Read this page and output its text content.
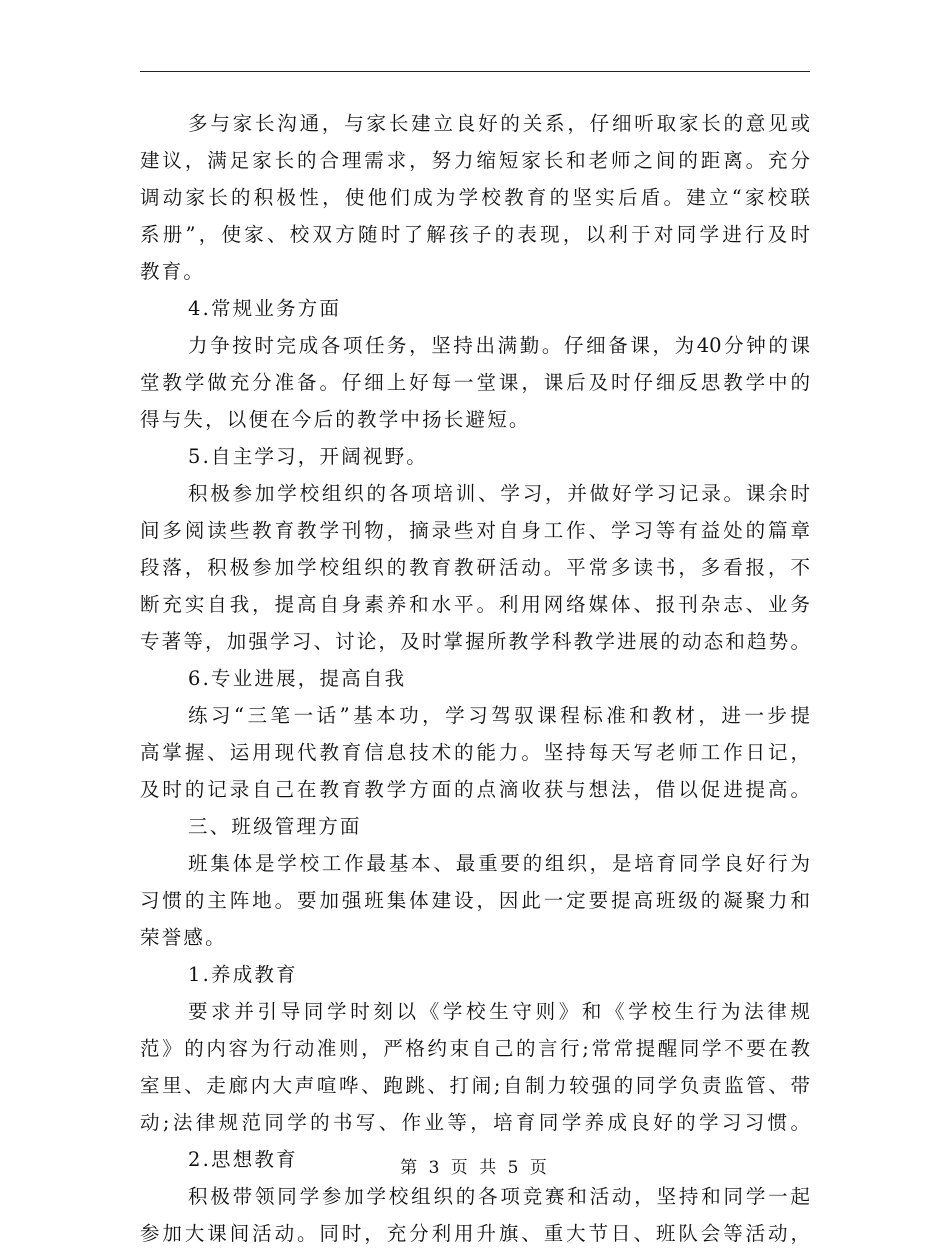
多与家长沟通，与家长建立良好的关系，仔细听取家长的意见或
建议，满足家长的合理需求，努力缩短家长和老师之间的距离。充分
调动家长的积极性，使他们成为学校教育的坚实后盾。建立“家校联
系册”，使家、校双方随时了解孩子的表现，以利于对同学进行及时
教育。
4.常规业务方面
力争按时完成各项任务，坚持出满勤。仔细备课，为40分钟的课
堂教学做充分准备。仔细上好每一堂课，课后及时仔细反思教学中的
得与失，以便在今后的教学中扬长避短。
5.自主学习，开阔视野。
积极参加学校组织的各项培训、学习，并做好学习记录。课余时
间多阅读些教育教学刊物，摘录些对自身工作、学习等有益处的篇章
段落，积极参加学校组织的教育教研活动。平常多读书，多看报，不
断充实自我，提高自身素养和水平。利用网络媒体、报刊杂志、业务
专著等，加强学习、讨论，及时掌握所教学科教学进展的动态和趋势。
6.专业进展，提高自我
练习“三笔一话”基本功，学习驾驭课程标准和教材，进一步提
高掌握、运用现代教育信息技术的能力。坚持每天写老师工作日记，
及时的记录自己在教育教学方面的点滴收获与想法，借以促进提高。
三、班级管理方面
班集体是学校工作最基本、最重要的组织，是培育同学良好行为
习惯的主阵地。要加强班集体建设，因此一定要提高班级的凝聚力和
荣誉感。
1.养成教育
要求并引导同学时刻以《学校生守则》和《学校生行为法律规
范》的内容为行动准则，严格约束自己的言行;常常提醒同学不要在教
室里、走廊内大声喧哗、跑跳、打闹;自制力较强的同学负责监管、带
动;法律规范同学的书写、作业等，培育同学养成良好的学习习惯。
2.思想教育
积极带领同学参加学校组织的各项竞赛和活动，坚持和同学一起
参加大课间活动。同时，充分利用升旗、重大节日、班队会等活动，
第 3 页 共 5 页
